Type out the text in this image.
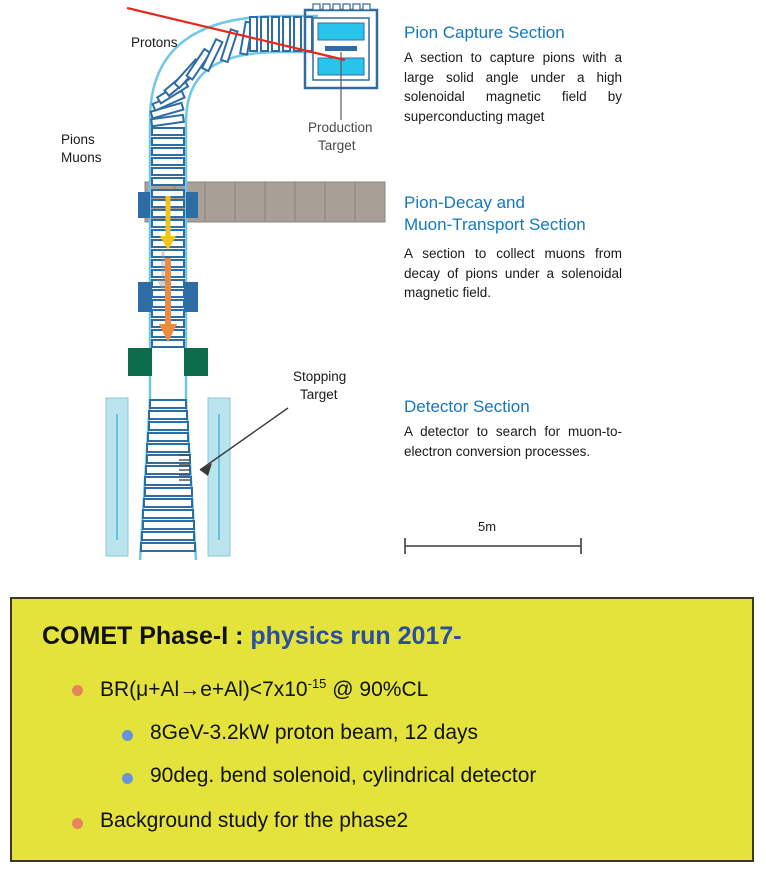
Protons
Pions
Muons
Production
Target
Stopping
Target
5m
Pion Capture Section
A section to capture pions with a large solid angle under a high solenoidal magnetic field by superconducting maget
Pion-Decay and
Muon-Transport Section
A section to collect muons from decay of pions under a solenoidal magnetic field.
Detector Section
A detector to search for muon-to-electron conversion processes.
COMET Phase-I : physics run 2017-
$BR(\mu+Al\to e+Al)<7x10^{-15}$ @ 90%CL
8GeV-3.2kW proton beam, 12 days
90deg. bend solenoid, cylindrical detector
Background study for the phase2
